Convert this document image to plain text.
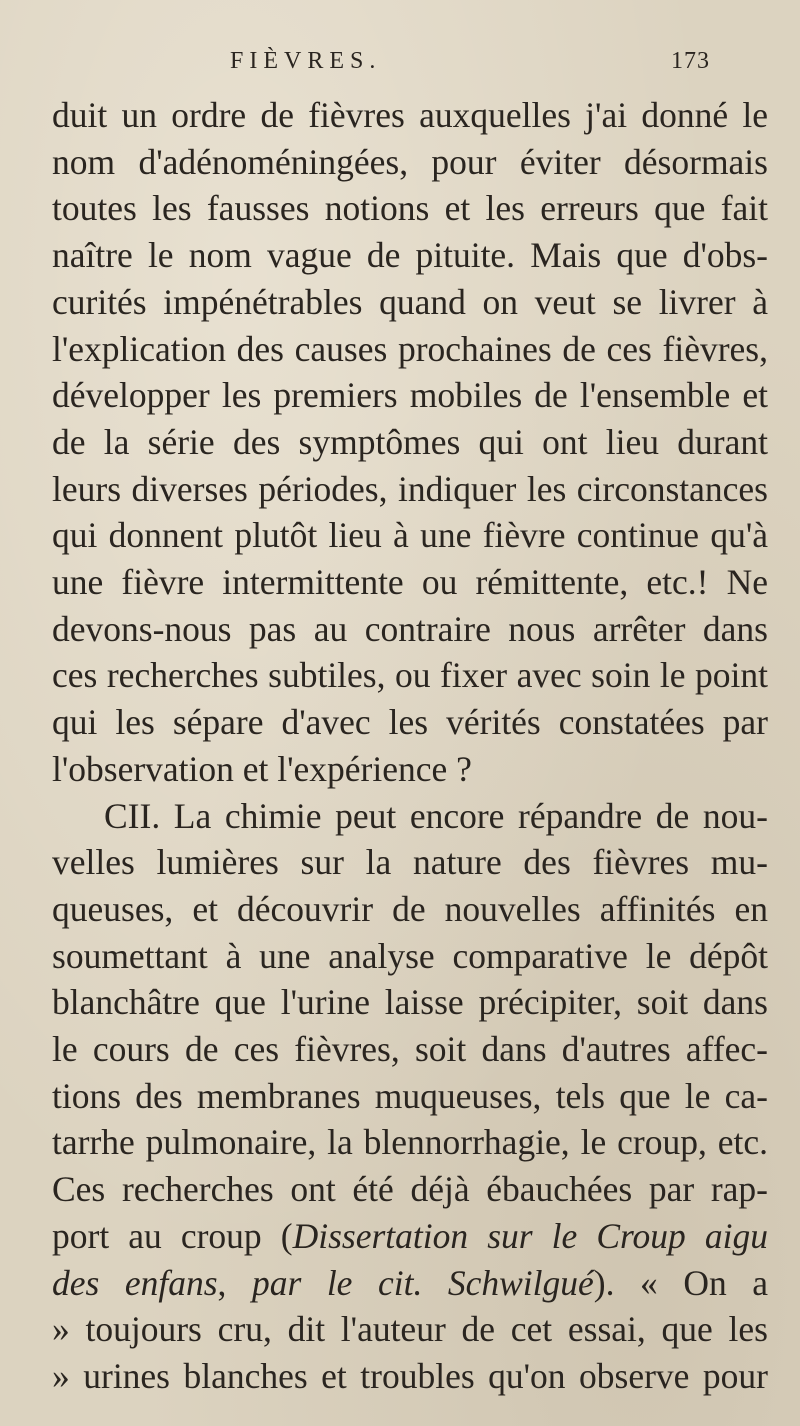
FIÈVRES.	173
duit un ordre de fièvres auxquelles j'ai donné le
nom d'adénoméningées, pour éviter désormais
toutes les fausses notions et les erreurs que fait
naître le nom vague de pituite. Mais que d'obs-
curités impénétrables quand on veut se livrer à
l'explication des causes prochaines de ces fièvres,
développer les premiers mobiles de l'ensemble et
de la série des symptômes qui ont lieu durant
leurs diverses périodes, indiquer les circonstances
qui donnent plutôt lieu à une fièvre continue qu'à
une fièvre intermittente ou rémittente, etc.! Ne
devons-nous pas au contraire nous arrêter dans
ces recherches subtiles, ou fixer avec soin le point
qui les sépare d'avec les vérités constatées par
l'observation et l'expérience ?
CII. La chimie peut encore répandre de nou-
velles lumières sur la nature des fièvres mu-
queuses, et découvrir de nouvelles affinités en
soumettant à une analyse comparative le dépôt
blanchâtre que l'urine laisse précipiter, soit dans
le cours de ces fièvres, soit dans d'autres affec-
tions des membranes muqueuses, tels que le ca-
tarrhe pulmonaire, la blennorrhagie, le croup, etc.
Ces recherches ont été déjà ébauchées par rap-
port au croup (Dissertation sur le Croup aigu
des enfans, par le cit. Schwilgué). « On a
» toujours cru, dit l'auteur de cet essai, que les
» urines blanches et troubles qu'on observe pour
